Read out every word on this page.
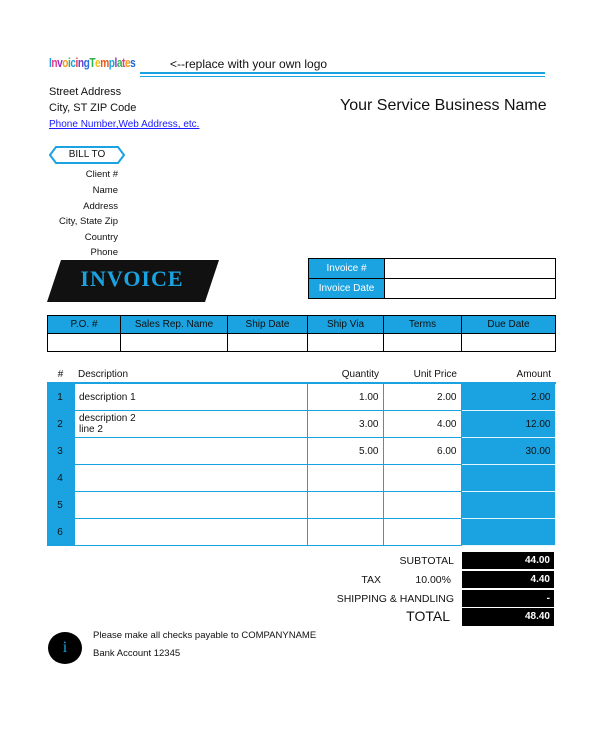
InvoicingTemplates	<--replace with your own logo
Street Address
City, ST ZIP Code
Phone Number,Web Address, etc.
Your Service Business Name
BILL TO
Client #
Name
Address
City, State Zip
Country
Phone
INVOICE	Invoice #	
Invoice Date	
P.O. #	Sales Rep. Name	Ship Date	Ship Via	Terms	Due Date

#	Description	Quantity	Unit Price	Amount
1	description 1	1.00	2.00	2.00
2	description 2
line 2	3.00	4.00	12.00
3		5.00	6.00	30.00
4				
5				
6				
SUBTOTAL	44.00
TAX	10.00%	4.40
SHIPPING & HANDLING	-
TOTAL	48.40
i
Please make all checks payable to COMPANYNAME
Bank Account 12345
